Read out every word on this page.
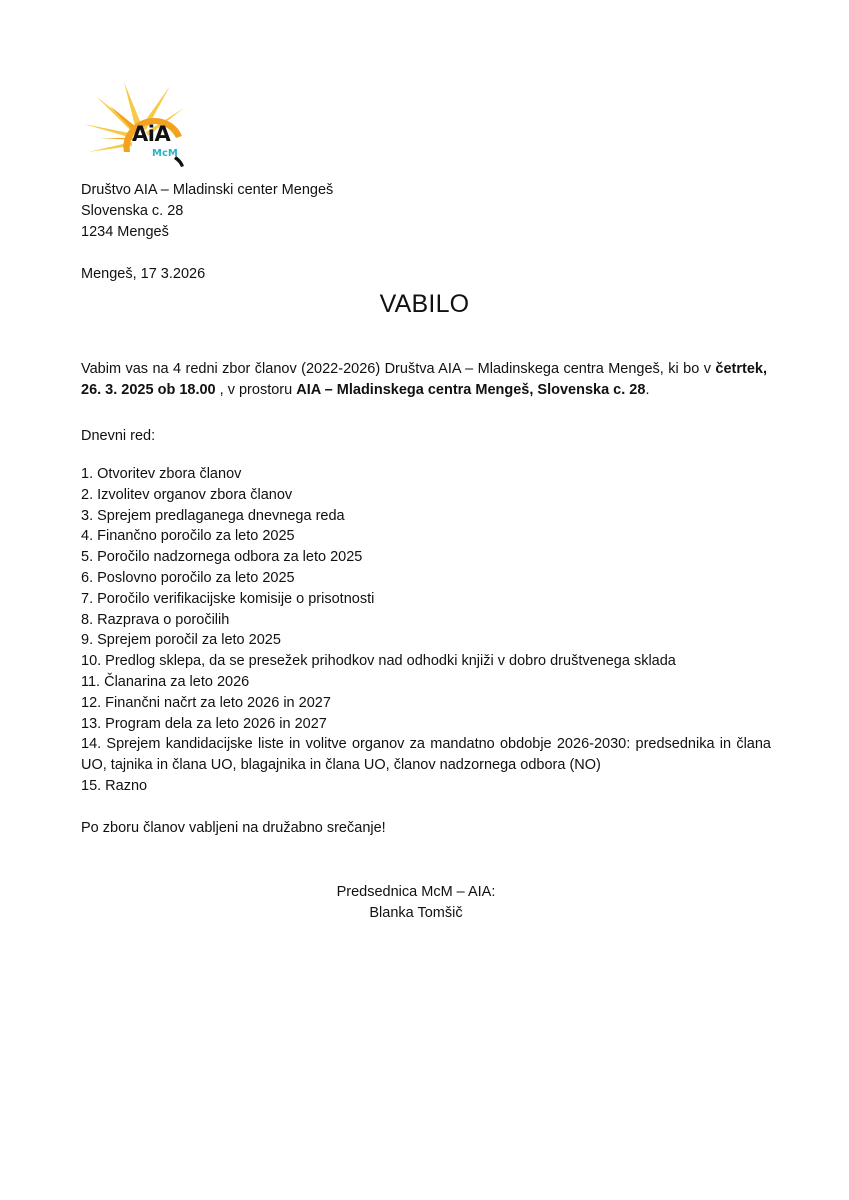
AiA
McM
Društvo AIA – Mladinski center Mengeš
Slovenska c. 28
1234 Mengeš
Mengeš, 17 3.2026
VABILO
Vabim vas na 4 redni zbor članov (2022-2026) Društva AIA – Mladinskega centra Mengeš, ki bo v četrtek, 26. 3. 2025 ob 18.00 , v prostoru AIA – Mladinskega centra Mengeš, Slovenska c. 28.
Dnevni red:
1. Otvoritev zbora članov
2. Izvolitev organov zbora članov
3. Sprejem predlaganega dnevnega reda
4. Finančno poročilo za leto 2025
5. Poročilo nadzornega odbora za leto 2025
6. Poslovno poročilo za leto 2025
7. Poročilo verifikacijske komisije o prisotnosti
8. Razprava o poročilih
9. Sprejem poročil za leto 2025
10. Predlog sklepa, da se presežek prihodkov nad odhodki knjiži v dobro društvenega sklada
11. Članarina za leto 2026
12. Finančni načrt za leto 2026 in 2027
13. Program dela za leto 2026 in 2027
14. Sprejem kandidacijske liste in volitve organov za mandatno obdobje 2026-2030: predsednika in člana UO, tajnika in člana UO, blagajnika in člana UO, članov nadzornega odbora (NO)
15. Razno
Po zboru članov vabljeni na družabno srečanje!
Predsednica McM – AIA:
Blanka Tomšič
